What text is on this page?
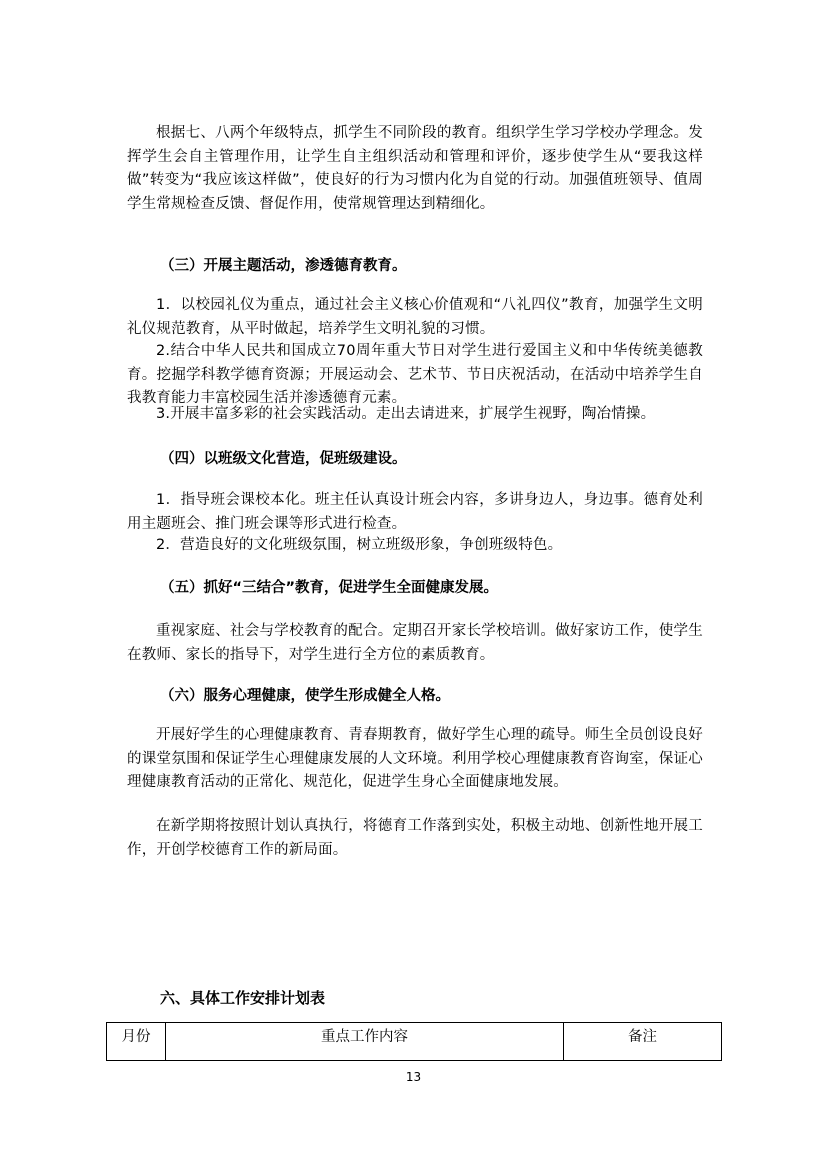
根据七、八两个年级特点，抓学生不同阶段的教育。组织学生学习学校办学理念。发挥学生会自主管理作用，让学生自主组织活动和管理和评价，逐步使学生从“要我这样做”转变为“我应该这样做”，使良好的行为习惯内化为自觉的行动。加强值班领导、值周学生常规检查反馈、督促作用，使常规管理达到精细化。

（三）开展主题活动，渗透德育教育。

1．以校园礼仪为重点，通过社会主义核心价值观和“八礼四仪”教育，加强学生文明礼仪规范教育，从平时做起，培养学生文明礼貌的习惯。

2.结合中华人民共和国成立70周年重大节日对学生进行爱国主义和中华传统美德教育。挖掘学科教学德育资源；开展运动会、艺术节、节日庆祝活动，在活动中培养学生自我教育能力丰富校园生活并渗透德育元素。

3.开展丰富多彩的社会实践活动。走出去请进来，扩展学生视野，陶冶情操。

（四）以班级文化营造，促班级建设。

1．指导班会课校本化。班主任认真设计班会内容，多讲身边人，身边事。德育处利用主题班会、推门班会课等形式进行检查。

2．营造良好的文化班级氛围，树立班级形象，争创班级特色。

（五）抓好“三结合”教育，促进学生全面健康发展。

重视家庭、社会与学校教育的配合。定期召开家长学校培训。做好家访工作，使学生在教师、家长的指导下，对学生进行全方位的素质教育。

（六）服务心理健康，使学生形成健全人格。

开展好学生的心理健康教育、青春期教育，做好学生心理的疏导。师生全员创设良好的课堂氛围和保证学生心理健康发展的人文环境。利用学校心理健康教育咨询室，保证心理健康教育活动的正常化、规范化，促进学生身心全面健康地发展。

在新学期将按照计划认真执行，将德育工作落到实处，积极主动地、创新性地开展工作，开创学校德育工作的新局面。

六、具体工作安排计划表

月份	重点工作内容	备注
13
